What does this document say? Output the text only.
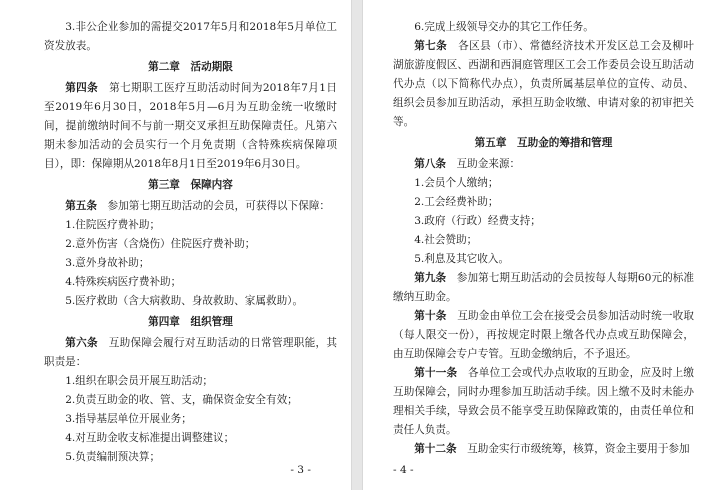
3.非公企业参加的需提交2017年5月和2018年5月单位工资发放表。
第二章　活动期限
第四条　第七期职工医疗互助活动时间为2018年7月1日至2019年6月30日，2018年5月—6月为互助金统一收缴时间，提前缴纳时间不与前一期交叉承担互助保障责任。凡第六期未参加活动的会员实行一个月免责期（含特殊疾病保障项目），即：保障期从2018年8月1日至2019年6月30日。
第三章　保障内容
第五条　参加第七期互助活动的会员，可获得以下保障：
1.住院医疗费补助；
2.意外伤害（含烧伤）住院医疗费补助；
3.意外身故补助；
4.特殊疾病医疗费补助；
5.医疗救助（含大病救助、身故救助、家属救助）。
第四章　组织管理
第六条　互助保障会履行对互助活动的日常管理职能，其职责是：
1.组织在职会员开展互助活动；
2.负责互助金的收、管、支，确保资金安全有效；
3.指导基层单位开展业务；
4.对互助金收支标准提出调整建议；
5.负责编制预决算；
- 3 -
6.完成上级领导交办的其它工作任务。
第七条　各区县（市）、常德经济技术开发区总工会及柳叶湖旅游度假区、西湖和西洞庭管理区工会工作委员会设互助活动代办点（以下简称代办点），负责所属基层单位的宣传、动员、组织会员参加互助活动，承担互助金收缴、申请对象的初审把关等。
第五章　互助金的筹措和管理
第八条　互助金来源：
1.会员个人缴纳；
2.工会经费补助；
3.政府（行政）经费支持；
4.社会赞助；
5.利息及其它收入。
第九条　参加第七期互助活动的会员按每人每期60元的标准缴纳互助金。
第十条　互助金由单位工会在接受会员参加活动时统一收取（每人限交一份），再按规定时限上缴各代办点或互助保障会，由互助保障会专户专管。互助金缴纳后，不予退还。
第十一条　各单位工会或代办点收取的互助金，应及时上缴互助保障会，同时办理参加互助活动手续。因上缴不及时未能办理相关手续，导致会员不能享受互助保障政策的，由责任单位和责任人负责。
第十二条　互助金实行市级统筹，核算，资金主要用于参加
- 4 -
